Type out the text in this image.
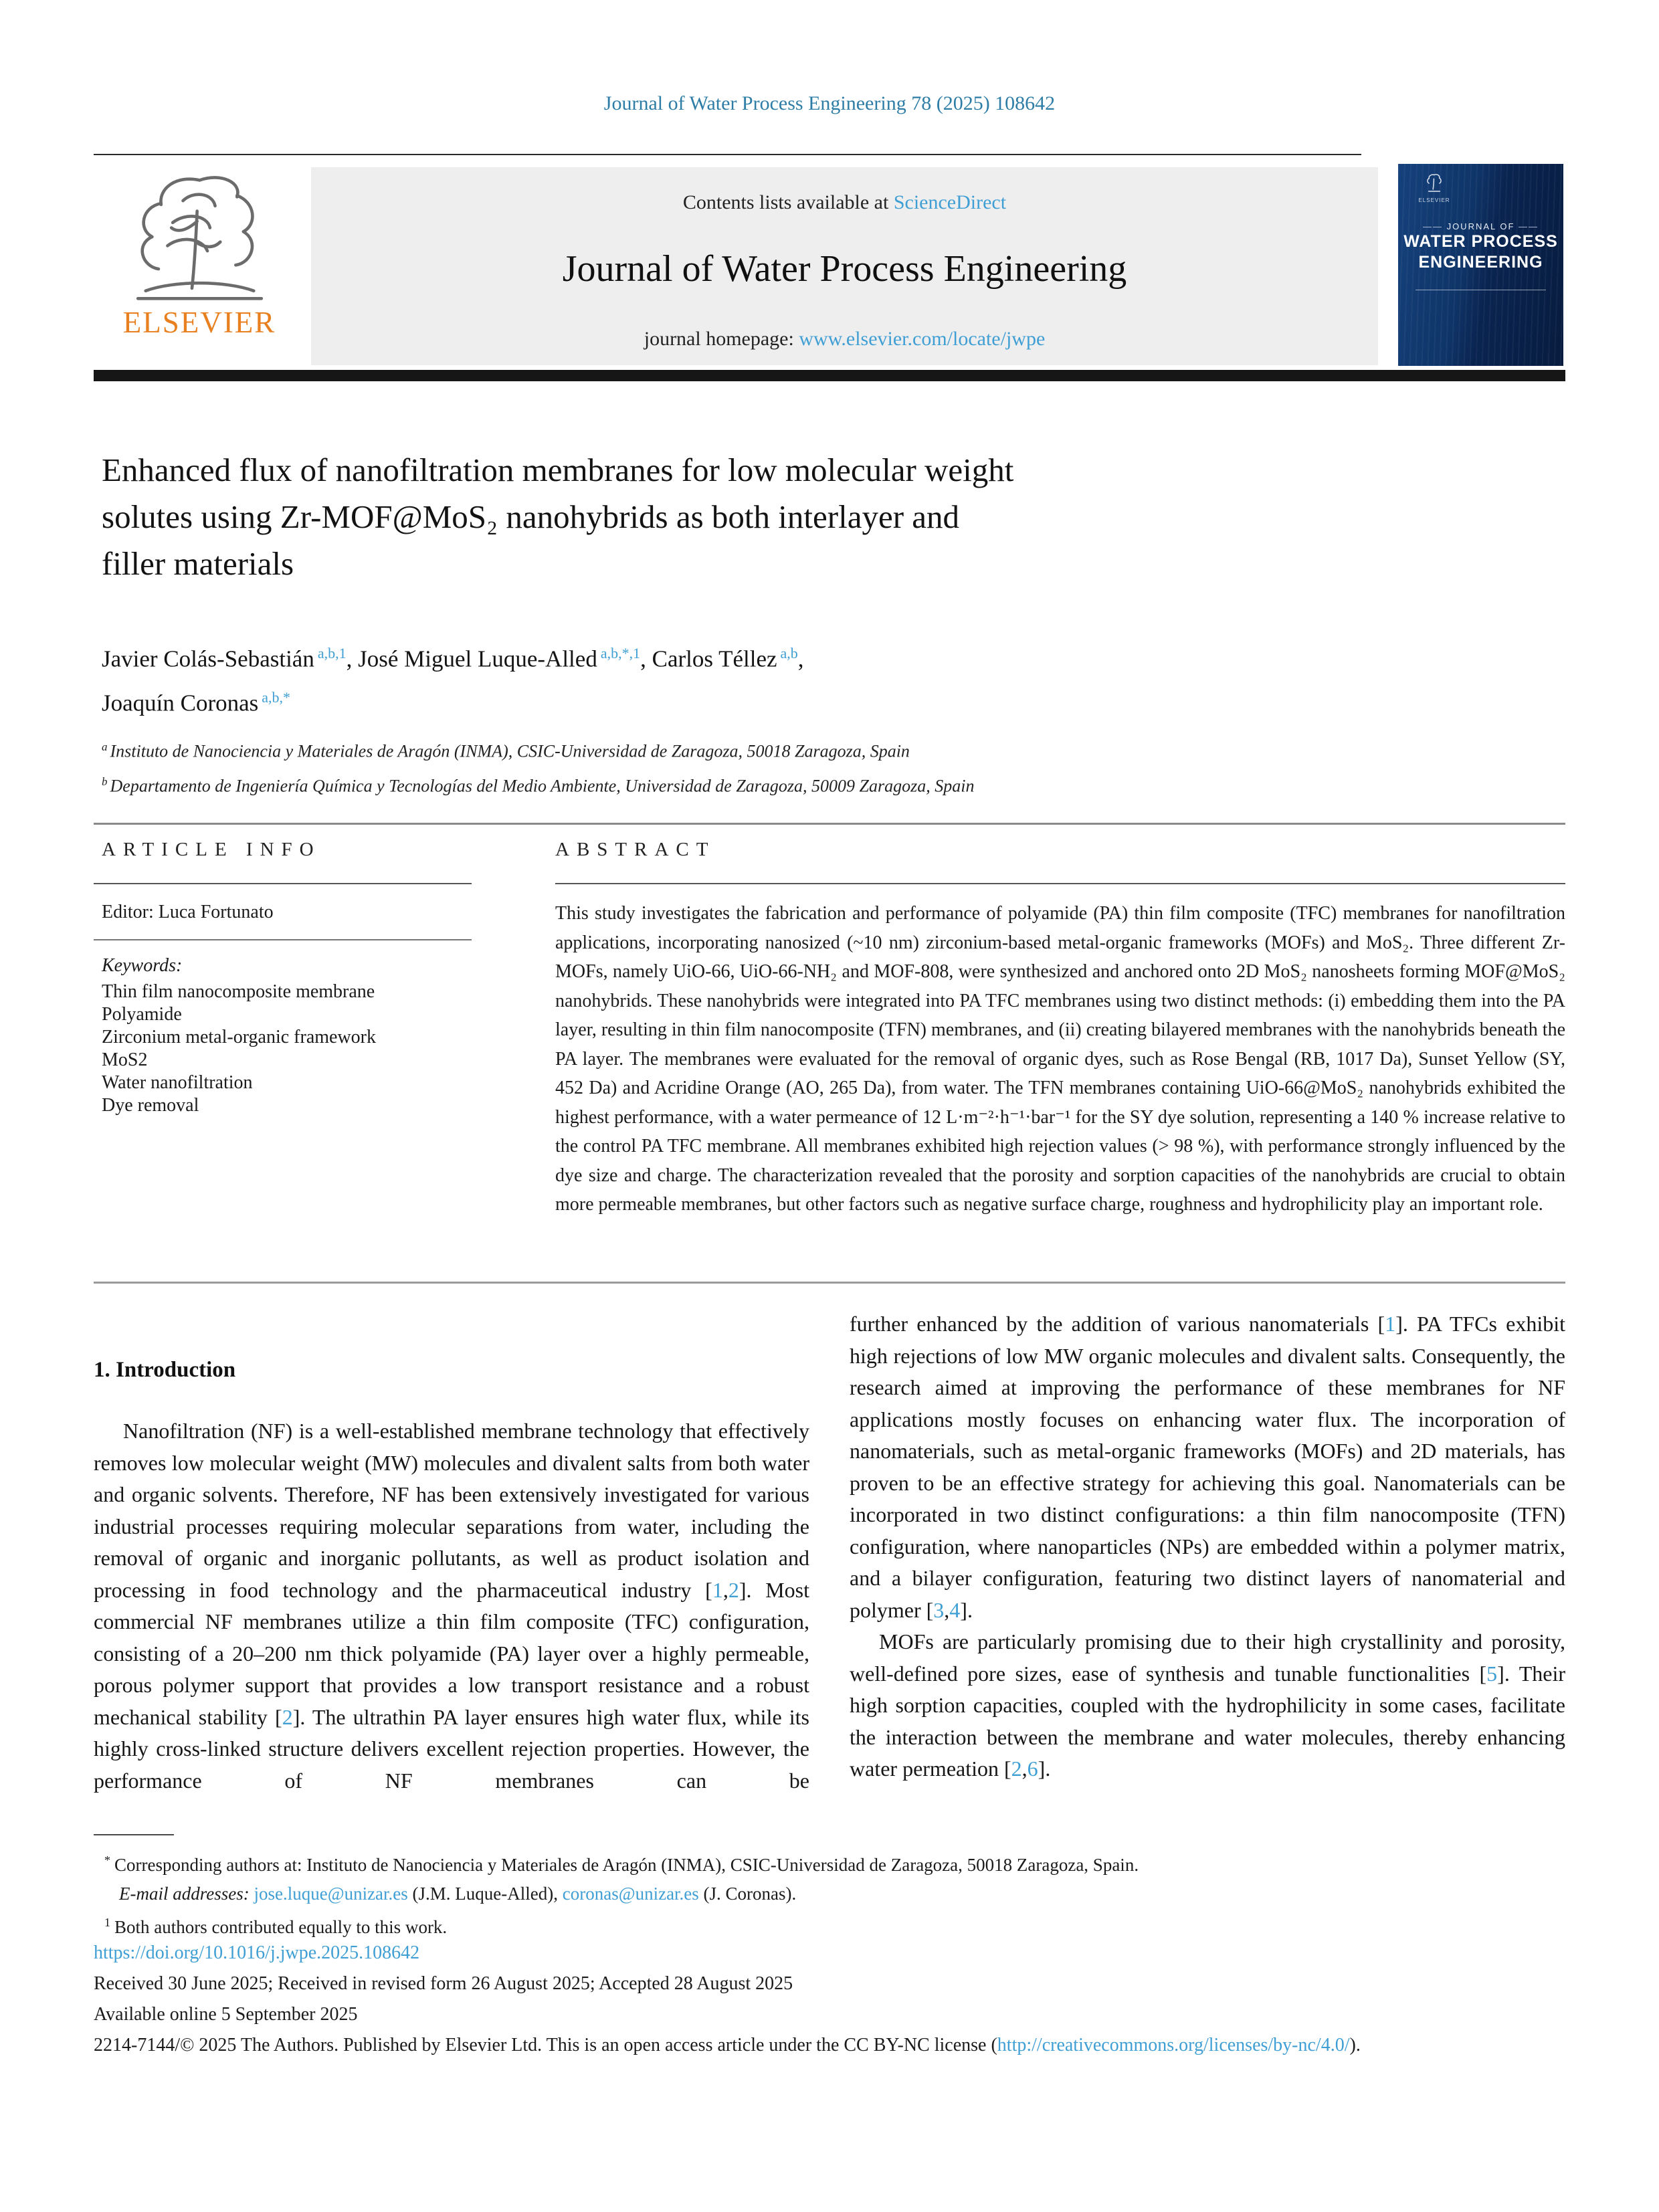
Journal of Water Process Engineering 78 (2025) 108642
ELSEVIER
Contents lists available at ScienceDirect
Journal of Water Process Engineering
journal homepage: www.elsevier.com/locate/jwpe
ELSEVIER
—— JOURNAL OF ——
WATER PROCESS
ENGINEERING
Enhanced flux of nanofiltration membranes for low molecular weight
solutes using Zr-MOF@MoS₂ nanohybrids as both interlayer and
filler materials
Javier Colás-Sebastián $^{a,b,1}$, José Miguel Luque-Alled $^{a,b,*,1}$, Carlos Téllez $^{a,b}$,
Joaquín Coronas $^{a,b,*}$
$^a$ Instituto de Nanociencia y Materiales de Aragón (INMA), CSIC-Universidad de Zaragoza, 50018 Zaragoza, Spain
$^b$ Departamento de Ingeniería Química y Tecnologías del Medio Ambiente, Universidad de Zaragoza, 50009 Zaragoza, Spain
ARTICLE INFO	ABSTRACT
Editor: Luca Fortunato
Keywords:
Thin film nanocomposite membrane
Polyamide
Zirconium metal-organic framework
MoS2
Water nanofiltration
Dye removal
This study investigates the fabrication and performance of polyamide (PA) thin film composite (TFC) membranes for nanofiltration applications, incorporating nanosized (~10 nm) zirconium-based metal-organic frameworks (MOFs) and MoS₂. Three different Zr-MOFs, namely UiO-66, UiO-66-NH₂ and MOF-808, were synthesized and anchored onto 2D MoS₂ nanosheets forming MOF@MoS₂ nanohybrids. These nanohybrids were integrated into PA TFC membranes using two distinct methods: (i) embedding them into the PA layer, resulting in thin film nanocomposite (TFN) membranes, and (ii) creating bilayered membranes with the nanohybrids beneath the PA layer. The membranes were evaluated for the removal of organic dyes, such as Rose Bengal (RB, 1017 Da), Sunset Yellow (SY, 452 Da) and Acridine Orange (AO, 265 Da), from water. The TFN membranes containing UiO-66@MoS₂ nanohybrids exhibited the highest performance, with a water permeance of 12 L·m⁻²·h⁻¹·bar⁻¹ for the SY dye solution, representing a 140 % increase relative to the control PA TFC membrane. All membranes exhibited high rejection values (> 98 %), with performance strongly influenced by the dye size and charge. The characterization revealed that the porosity and sorption capacities of the nanohybrids are crucial to obtain more permeable membranes, but other factors such as negative surface charge, roughness and hydrophilicity play an important role.
1. Introduction
Nanofiltration (NF) is a well-established membrane technology that effectively removes low molecular weight (MW) molecules and divalent salts from both water and organic solvents. Therefore, NF has been extensively investigated for various industrial processes requiring molecular separations from water, including the removal of organic and inorganic pollutants, as well as product isolation and processing in food technology and the pharmaceutical industry [1,2]. Most commercial NF membranes utilize a thin film composite (TFC) configuration, consisting of a 20–200 nm thick polyamide (PA) layer over a highly permeable, porous polymer support that provides a low transport resistance and a robust mechanical stability [2]. The ultrathin PA layer ensures high water flux, while its highly cross-linked structure delivers excellent rejection properties. However, the performance of NF membranes can be

further enhanced by the addition of various nanomaterials [1]. PA TFCs exhibit high rejections of low MW organic molecules and divalent salts. Consequently, the research aimed at improving the performance of these membranes for NF applications mostly focuses on enhancing water flux. The incorporation of nanomaterials, such as metal-organic frameworks (MOFs) and 2D materials, has proven to be an effective strategy for achieving this goal. Nanomaterials can be incorporated in two distinct configurations: a thin film nanocomposite (TFN) configuration, where nanoparticles (NPs) are embedded within a polymer matrix, and a bilayer configuration, featuring two distinct layers of nanomaterial and polymer [3,4].

MOFs are particularly promising due to their high crystallinity and porosity, well-defined pore sizes, ease of synthesis and tunable functionalities [5]. Their high sorption capacities, coupled with the hydrophilicity in some cases, facilitate the interaction between the membrane and water molecules, thereby enhancing water permeation [2,6].

* Corresponding authors at: Instituto de Nanociencia y Materiales de Aragón (INMA), CSIC-Universidad de Zaragoza, 50018 Zaragoza, Spain.
E-mail addresses: jose.luque@unizar.es (J.M. Luque-Alled), coronas@unizar.es (J. Coronas).
$^1$ Both authors contributed equally to this work.
https://doi.org/10.1016/j.jwpe.2025.108642
Received 30 June 2025; Received in revised form 26 August 2025; Accepted 28 August 2025
Available online 5 September 2025
2214-7144/© 2025 The Authors. Published by Elsevier Ltd. This is an open access article under the CC BY-NC license (http://creativecommons.org/licenses/by-nc/4.0/).
